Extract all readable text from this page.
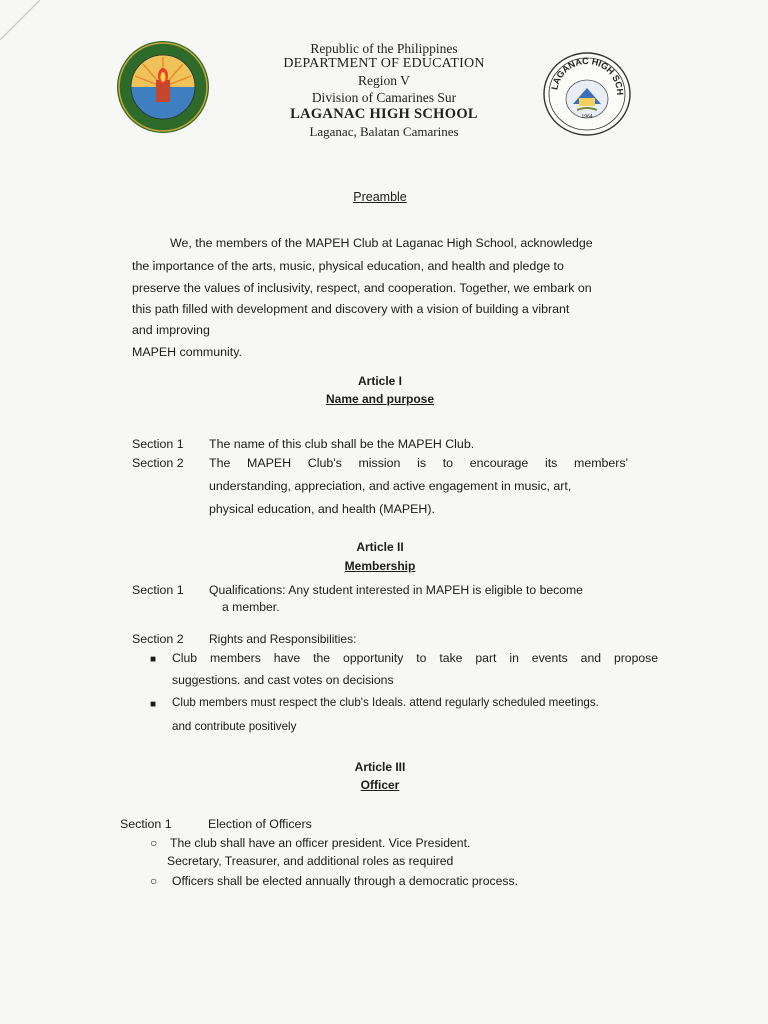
Republic of the Philippines
DEPARTMENT OF EDUCATION
Region V
Division of Camarines Sur
LAGANAC HIGH SCHOOL
Laganac, Balatan Camarines
LAGANAC HIGH SCH
1964
Preamble
We, the members of the MAPEH Club at Laganac High School, acknowledge
the importance of the arts, music, physical education, and health and pledge to
preserve the values of inclusivity, respect, and cooperation. Together, we embark on
this path filled with development and discovery with a vision of building a vibrant
and improving
MAPEH community.
Article I
Name and purpose
Section 1 The name of this club shall be the MAPEH Club.
Section 2 The MAPEH Club's mission is to encourage its members'
understanding, appreciation, and active engagement in music, art,
physical education, and health (MAPEH).
Article II
Membership
Section 1 Qualifications: Any student interested in MAPEH is eligible to become
a member.
Section 2 Rights and Responsibilities:
■ Club members have the opportunity to take part in events and propose
suggestions. and cast votes on decisions
■ Club members must respect the club's Ideals. attend regularly scheduled meetings.
and contribute positively
Article III
Officer
Section 1	Election of Officers
○ The club shall have an officer president. Vice President.
Secretary, Treasurer, and additional roles as required
○ Officers shall be elected annually through a democratic process.
